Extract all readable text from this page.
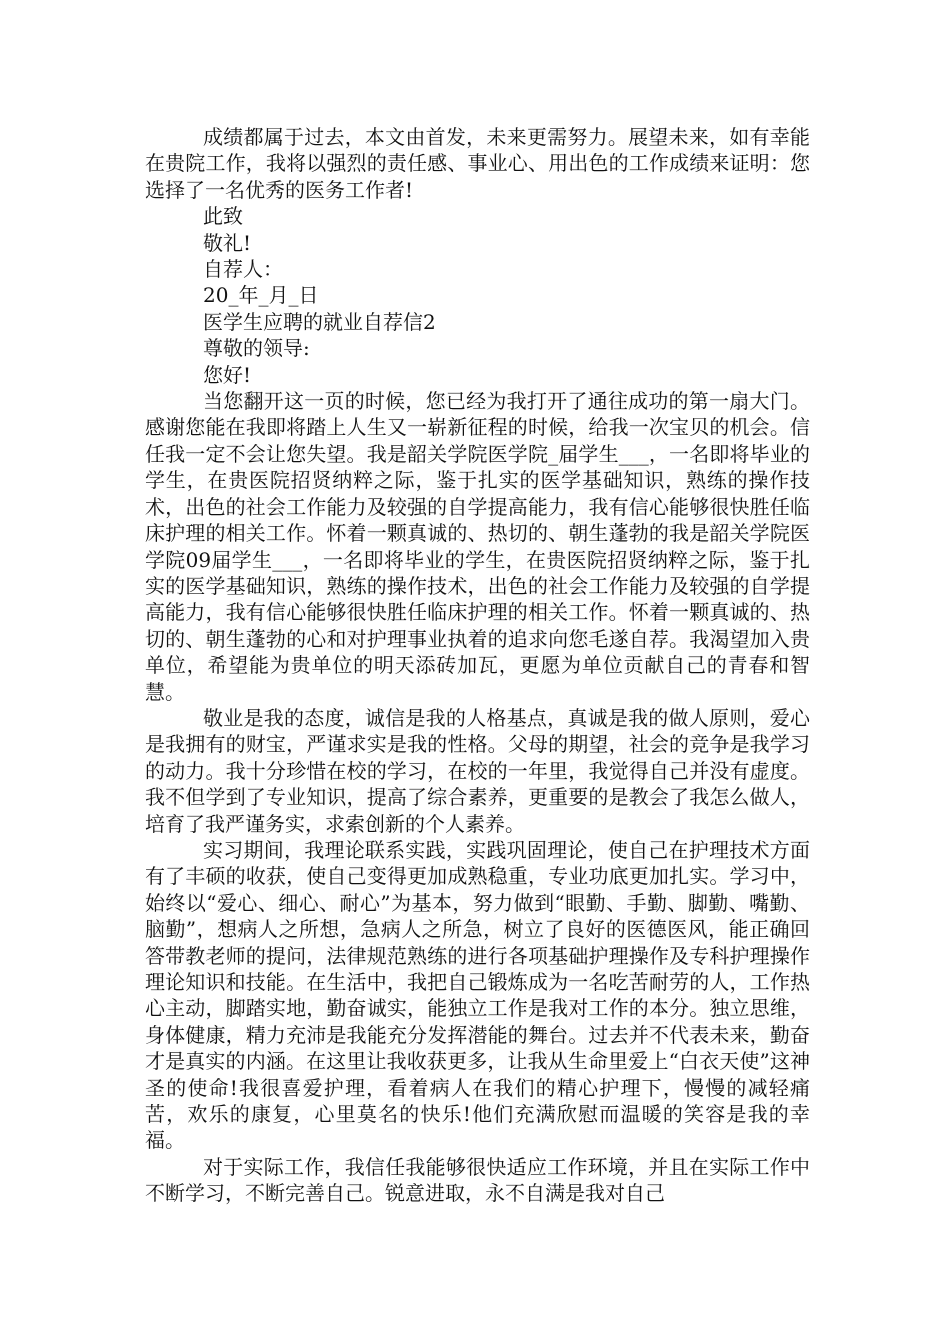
成绩都属于过去，本文由首发，未来更需努力。展望未来，如有幸能在贵院工作，我将以强烈的责任感、事业心、用出色的工作成绩来证明：您选择了一名优秀的医务工作者!

此致

敬礼!

自荐人：

20_年_月_日

医学生应聘的就业自荐信2

尊敬的领导:

您好!

当您翻开这一页的时候，您已经为我打开了通往成功的第一扇大门。感谢您能在我即将踏上人生又一崭新征程的时候，给我一次宝贝的机会。信任我一定不会让您失望。我是韶关学院医学院_届学生___，一名即将毕业的学生，在贵医院招贤纳粹之际，鉴于扎实的医学基础知识，熟练的操作技术，出色的社会工作能力及较强的自学提高能力，我有信心能够很快胜任临床护理的相关工作。怀着一颗真诚的、热切的、朝生蓬勃的我是韶关学院医学院09届学生___，一名即将毕业的学生，在贵医院招贤纳粹之际，鉴于扎实的医学基础知识，熟练的操作技术，出色的社会工作能力及较强的自学提高能力，我有信心能够很快胜任临床护理的相关工作。怀着一颗真诚的、热切的、朝生蓬勃的心和对护理事业执着的追求向您毛遂自荐。我渴望加入贵单位，希望能为贵单位的明天添砖加瓦，更愿为单位贡献自己的青春和智慧。

敬业是我的态度，诚信是我的人格基点，真诚是我的做人原则，爱心是我拥有的财宝，严谨求实是我的性格。父母的期望，社会的竞争是我学习的动力。我十分珍惜在校的学习，在校的一年里，我觉得自己并没有虚度。我不但学到了专业知识，提高了综合素养，更重要的是教会了我怎么做人，培育了我严谨务实，求索创新的个人素养。

实习期间，我理论联系实践，实践巩固理论，使自己在护理技术方面有了丰硕的收获，使自己变得更加成熟稳重，专业功底更加扎实。学习中，始终以“爱心、细心、耐心”为基本，努力做到“眼勤、手勤、脚勤、嘴勤、脑勤”，想病人之所想，急病人之所急，树立了良好的医德医风，能正确回答带教老师的提问，法律规范熟练的进行各项基础护理操作及专科护理操作理论知识和技能。在生活中，我把自己锻炼成为一名吃苦耐劳的人，工作热心主动，脚踏实地，勤奋诚实，能独立工作是我对工作的本分。独立思维，身体健康，精力充沛是我能充分发挥潜能的舞台。过去并不代表未来，勤奋才是真实的内涵。在这里让我收获更多，让我从生命里爱上“白衣天使”这神圣的使命!我很喜爱护理，看着病人在我们的精心护理下，慢慢的减轻痛苦，欢乐的康复，心里莫名的快乐!他们充满欣慰而温暖的笑容是我的幸福。

对于实际工作，我信任我能够很快适应工作环境，并且在实际工作中不断学习，不断完善自己。锐意进取，永不自满是我对自己
